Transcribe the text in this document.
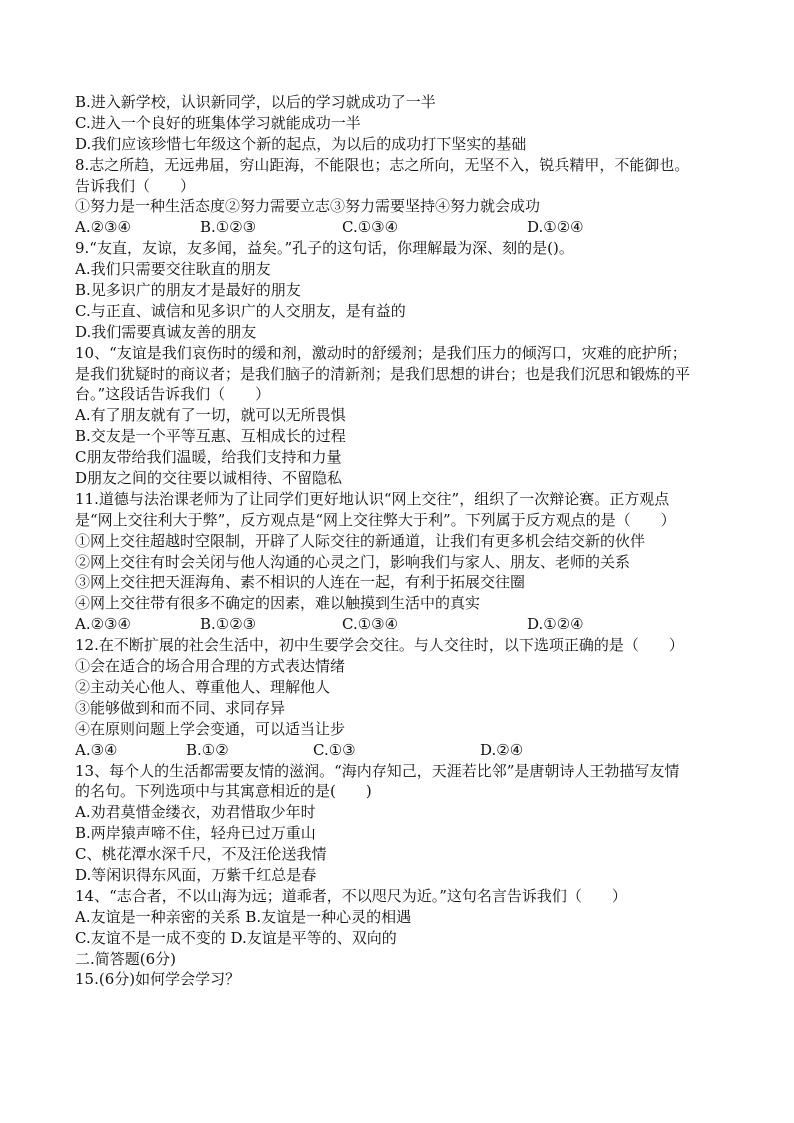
B.进入新学校，认识新同学，以后的学习就成功了一半
C.进入一个良好的班集体学习就能成功一半
D.我们应该珍惜七年级这个新的起点，为以后的成功打下坚实的基础
8.志之所趋，无远弗届，穷山距海，不能限也；志之所向，无坚不入，锐兵精甲，不能御也。
告诉我们（　　）
①努力是一种生活态度②努力需要立志③努力需要坚持④努力就会成功
A.②③④	B.①②③	C.①③④	D.①②④
9.“友直，友谅，友多闻，益矣。”孔子的这句话，你理解最为深、刻的是()。
A.我们只需要交往耿直的朋友
B.见多识广的朋友才是最好的朋友
C.与正直、诚信和见多识广的人交朋友，是有益的
D.我们需要真诚友善的朋友
10、“友谊是我们哀伤时的缓和剂，激动时的舒缓剂；是我们压力的倾泻口，灾难的庇护所；
是我们犹疑时的商议者；是我们脑子的清新剂；是我们思想的讲台；也是我们沉思和锻炼的平
台。”这段话告诉我们（　　）
A.有了朋友就有了一切，就可以无所畏惧
B.交友是一个平等互惠、互相成长的过程
C朋友带给我们温暖，给我们支持和力量
D朋友之间的交往要以诚相待、不留隐私
11.道德与法治课老师为了让同学们更好地认识“网上交往”，组织了一次辩论赛。正方观点
是“网上交往利大于弊”，反方观点是“网上交往弊大于利”。下列属于反方观点的是（　　）
①网上交往超越时空限制，开辟了人际交往的新通道，让我们有更多机会结交新的伙伴
②网上交往有时会关闭与他人沟通的心灵之门，影响我们与家人、朋友、老师的关系
③网上交往把天涯海角、素不相识的人连在一起，有利于拓展交往圈
④网上交往带有很多不确定的因素，难以触摸到生活中的真实
A.②③④	B.①②③	C.①③④	D.①②④
12.在不断扩展的社会生活中，初中生要学会交往。与人交往时，以下选项正确的是（　　）
①会在适合的场合用合理的方式表达情绪
②主动关心他人、尊重他人、理解他人
③能够做到和而不同、求同存异
④在原则问题上学会变通，可以适当让步
A.③④	B.①②	C.①③	D.②④
13、每个人的生活都需要友情的滋润。“海内存知己，天涯若比邻”是唐朝诗人王勃描写友情
的名句。下列选项中与其寓意相近的是(　　)
A.劝君莫惜金缕衣，劝君惜取少年时
B.两岸猿声啼不住，轻舟已过万重山
C、桃花潭水深千尺，不及汪伦送我情
D.等闲识得东风面，万紫千红总是春
14、“志合者，不以山海为远；道乖者，不以咫尺为近。”这句名言告诉我们（　　）
A.友谊是一种亲密的关系 B.友谊是一种心灵的相遇
C.友谊不是一成不变的 D.友谊是平等的、双向的
二.简答题(6分)
15.(6分)如何学会学习？
